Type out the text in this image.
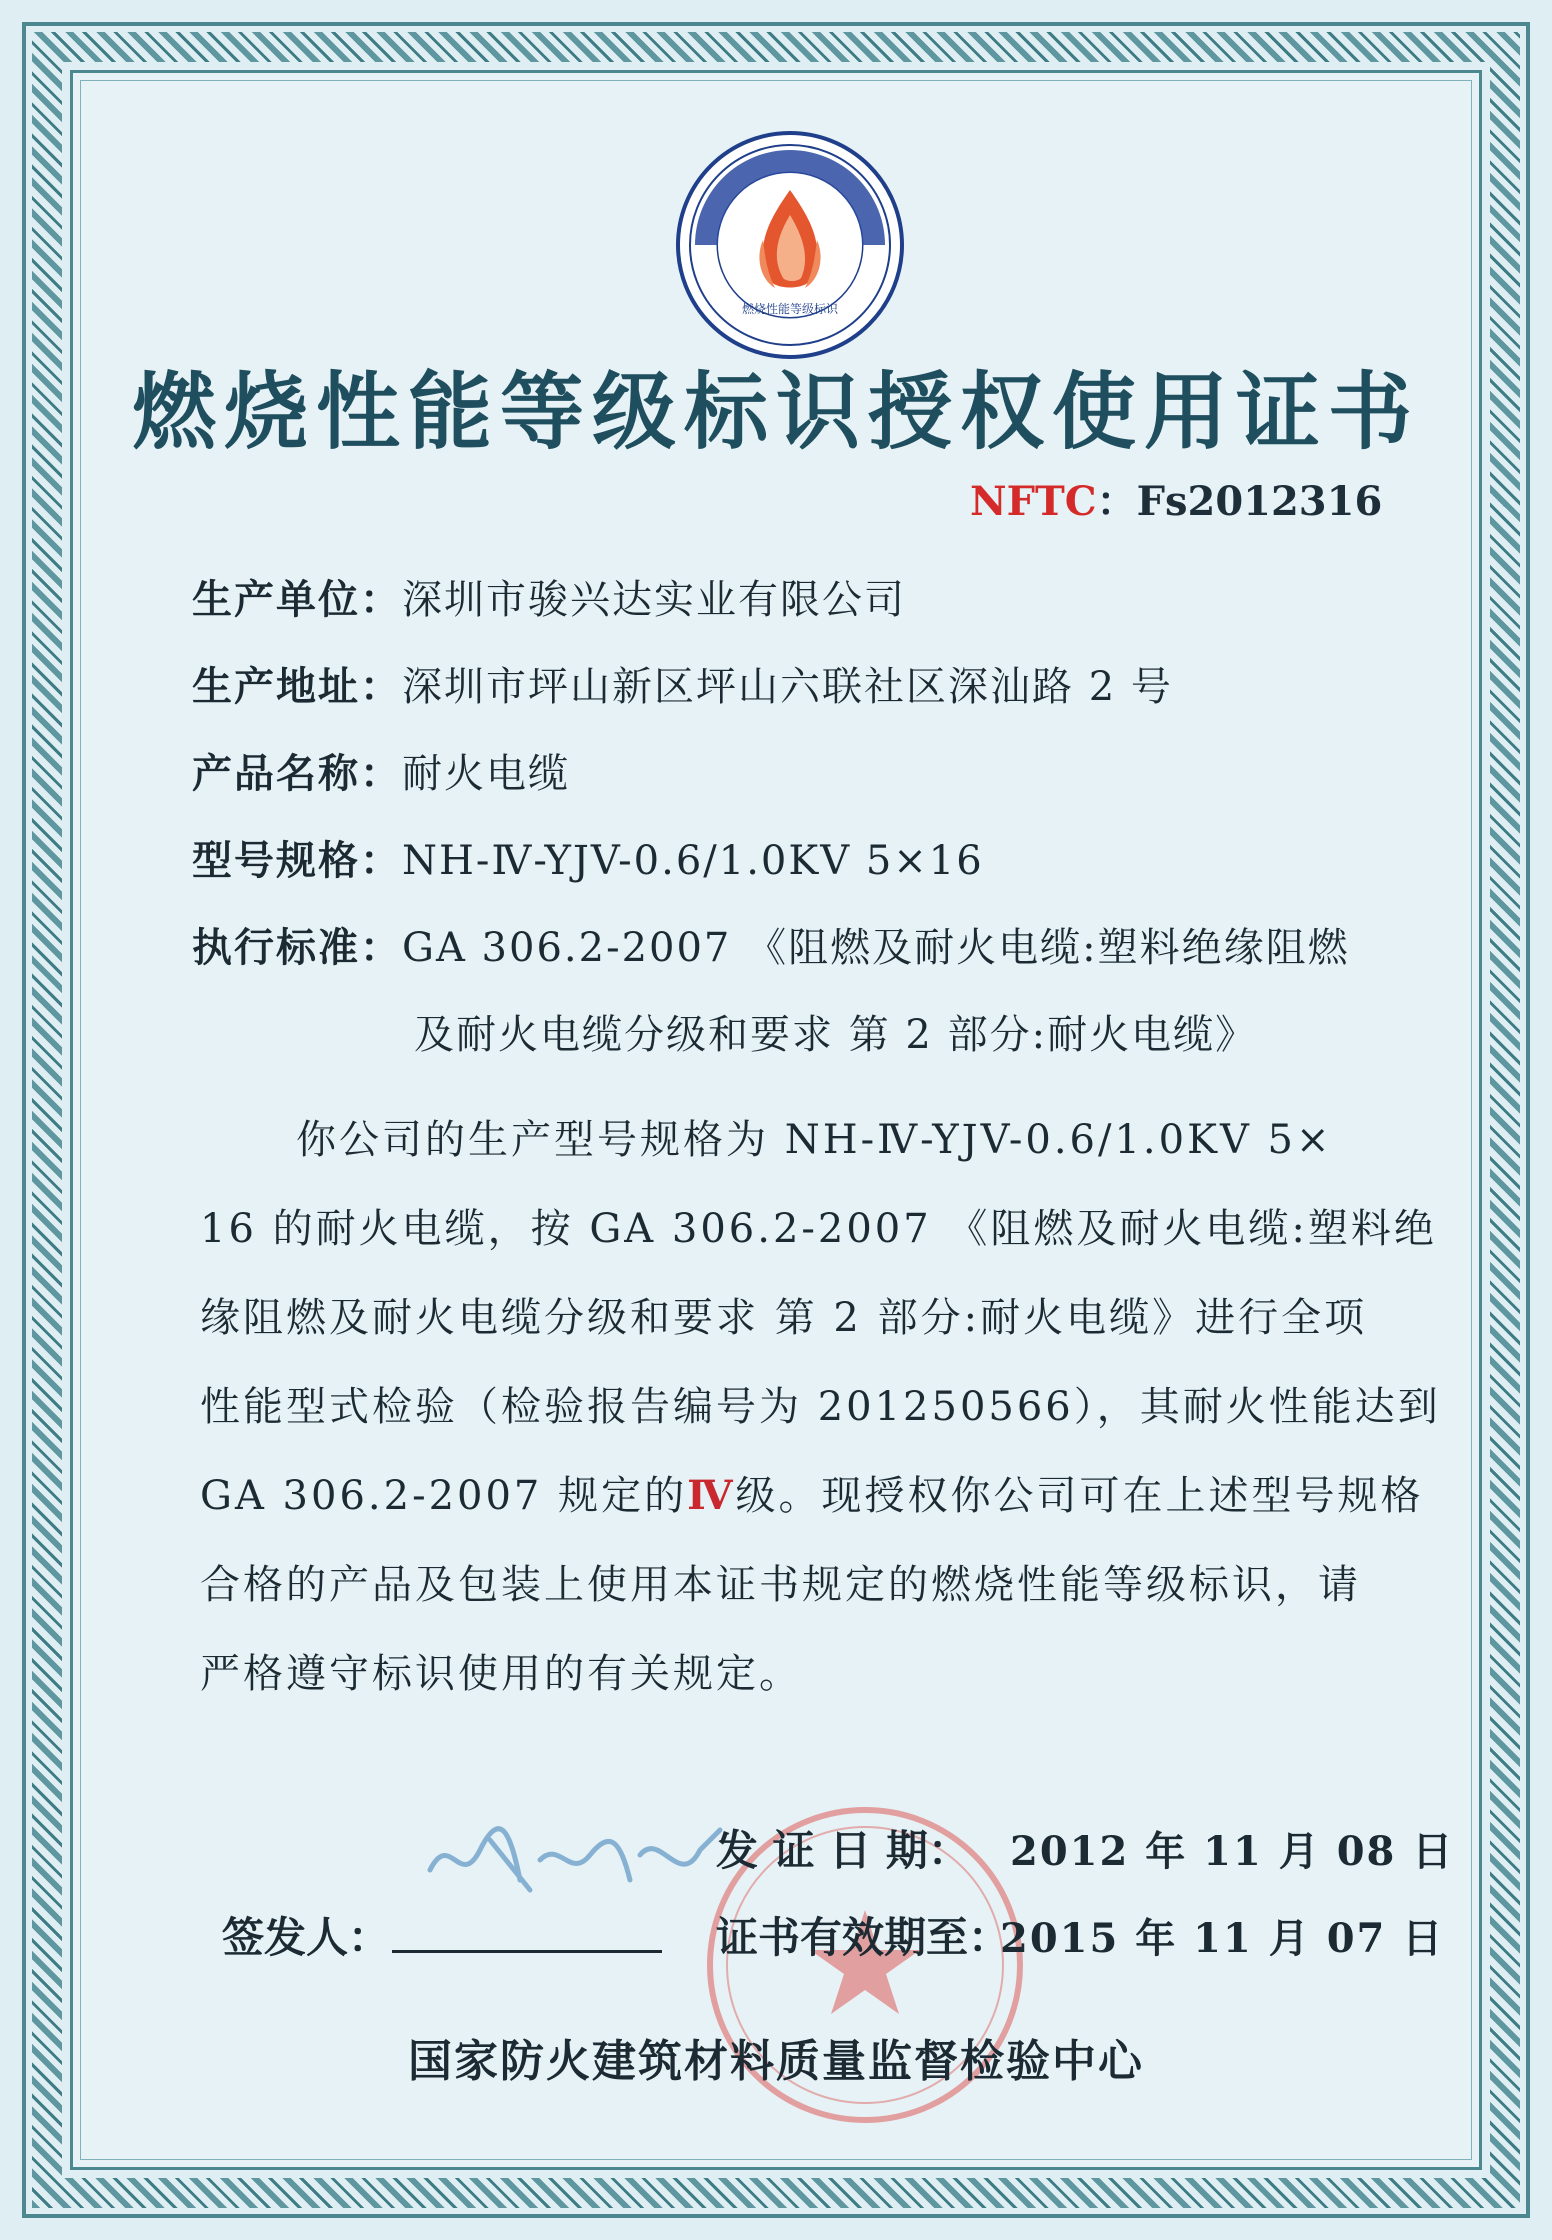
燃烧性能等级标识
燃烧性能等级标识授权使用证书
NFTC：Fs2012316
生产单位：深圳市骏兴达实业有限公司
生产地址：深圳市坪山新区坪山六联社区深汕路 2 号
产品名称：耐火电缆
型号规格：NH-Ⅳ-YJV-0.6/1.0KV 5×16
执行标准：GA 306.2-2007 《阻燃及耐火电缆:塑料绝缘阻燃
及耐火电缆分级和要求 第 2 部分:耐火电缆》
你公司的生产型号规格为 NH-Ⅳ-YJV-0.6/1.0KV 5×
16 的耐火电缆，按 GA 306.2-2007 《阻燃及耐火电缆:塑料绝
缘阻燃及耐火电缆分级和要求 第 2 部分:耐火电缆》进行全项
性能型式检验（检验报告编号为 201250566），其耐火性能达到
GA 306.2-2007 规定的Ⅳ级。现授权你公司可在上述型号规格
合格的产品及包装上使用本证书规定的燃烧性能等级标识，请
严格遵守标识使用的有关规定。
发 证 日 期： 2012 年 11 月 08 日
签发人：	证书有效期至：
2015 年 11 月 07 日
国家防火建筑材料质量监督检验中心
